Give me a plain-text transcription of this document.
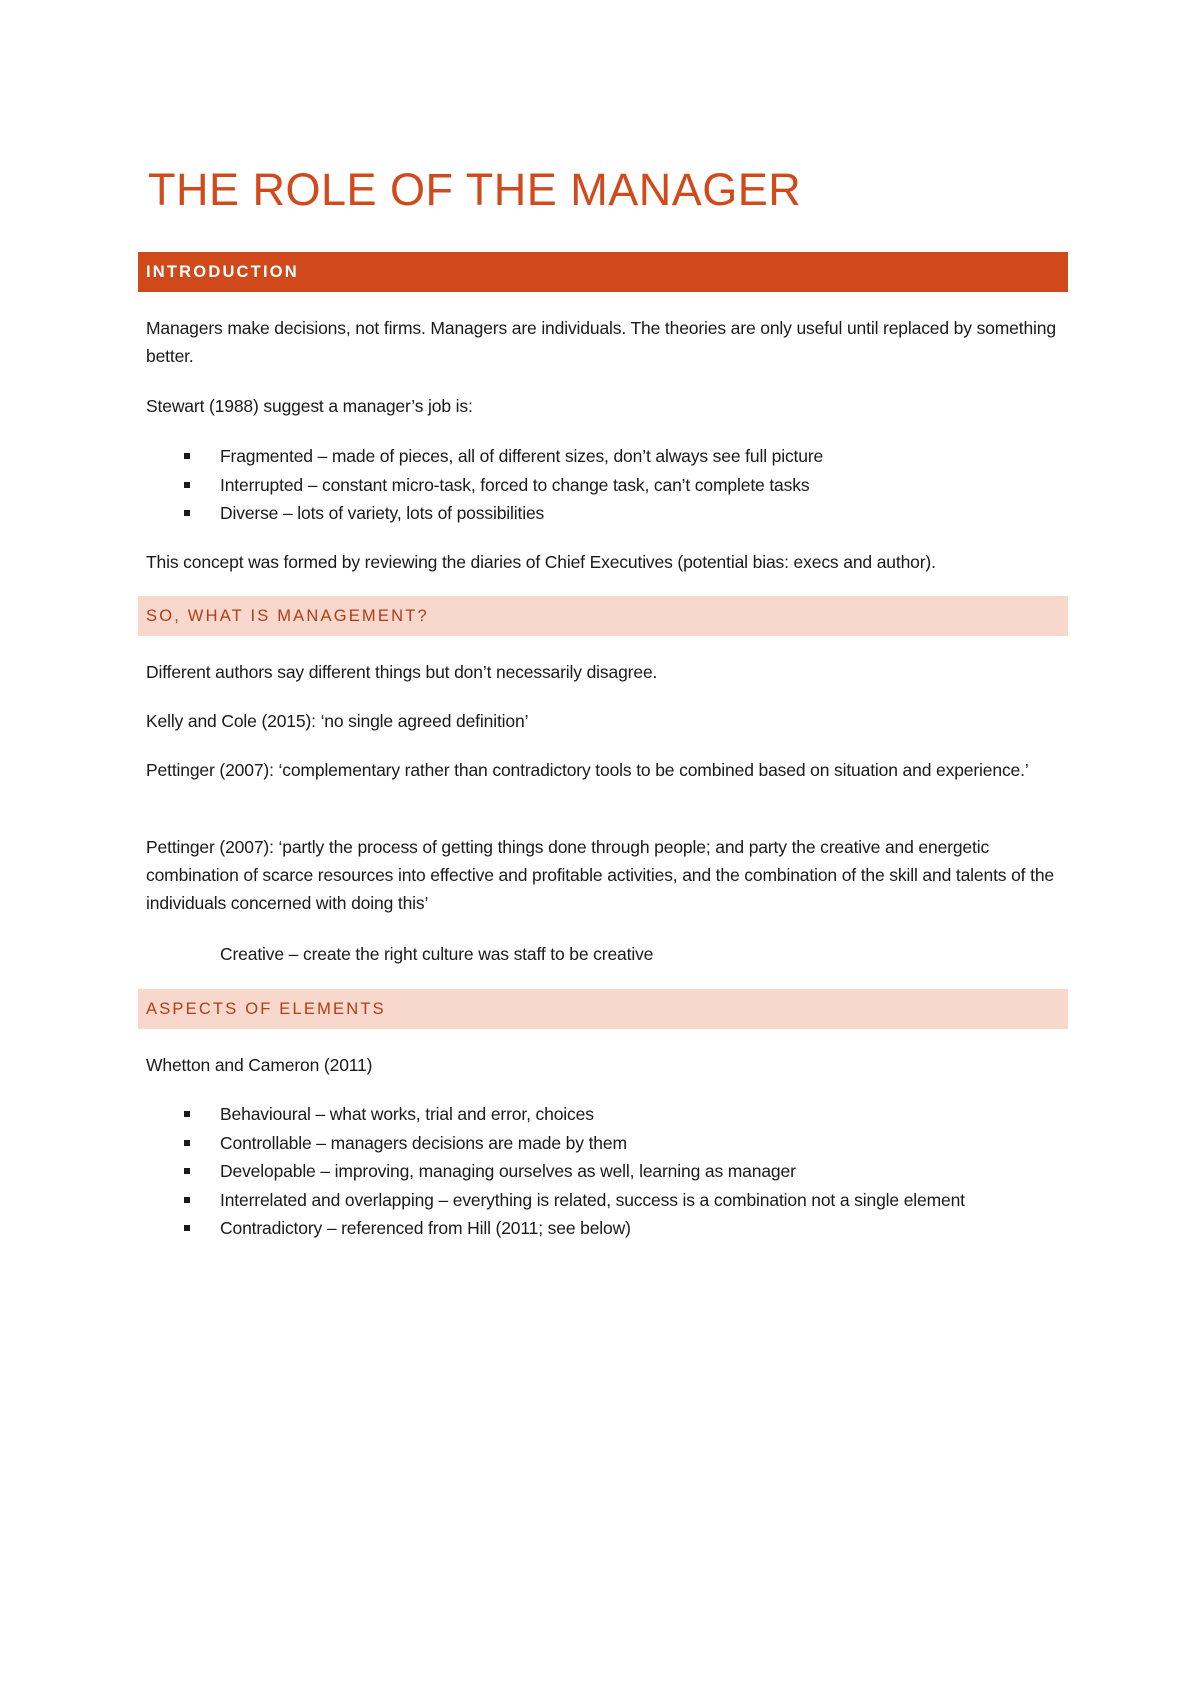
THE ROLE OF THE MANAGER
INTRODUCTION

Managers make decisions, not firms. Managers are individuals. The theories are only useful until replaced by something better.

Stewart (1988) suggest a manager’s job is:

Fragmented – made of pieces, all of different sizes, don’t always see full picture
Interrupted – constant micro-task, forced to change task, can’t complete tasks
Diverse – lots of variety, lots of possibilities

This concept was formed by reviewing the diaries of Chief Executives (potential bias: execs and author).

SO, WHAT IS MANAGEMENT?

Different authors say different things but don’t necessarily disagree.

Kelly and Cole (2015): ‘no single agreed definition’

Pettinger (2007): ‘complementary rather than contradictory tools to be combined based on situation and experience.’

Pettinger (2007): ‘partly the process of getting things done through people; and party the creative and energetic combination of scarce resources into effective and profitable activities, and the combination of the skill and talents of the individuals concerned with doing this’

Creative – create the right culture was staff to be creative

ASPECTS OF ELEMENTS

Whetton and Cameron (2011)

Behavioural – what works, trial and error, choices
Controllable – managers decisions are made by them
Developable – improving, managing ourselves as well, learning as manager
Interrelated and overlapping – everything is related, success is a combination not a single element
Contradictory – referenced from Hill (2011; see below)
